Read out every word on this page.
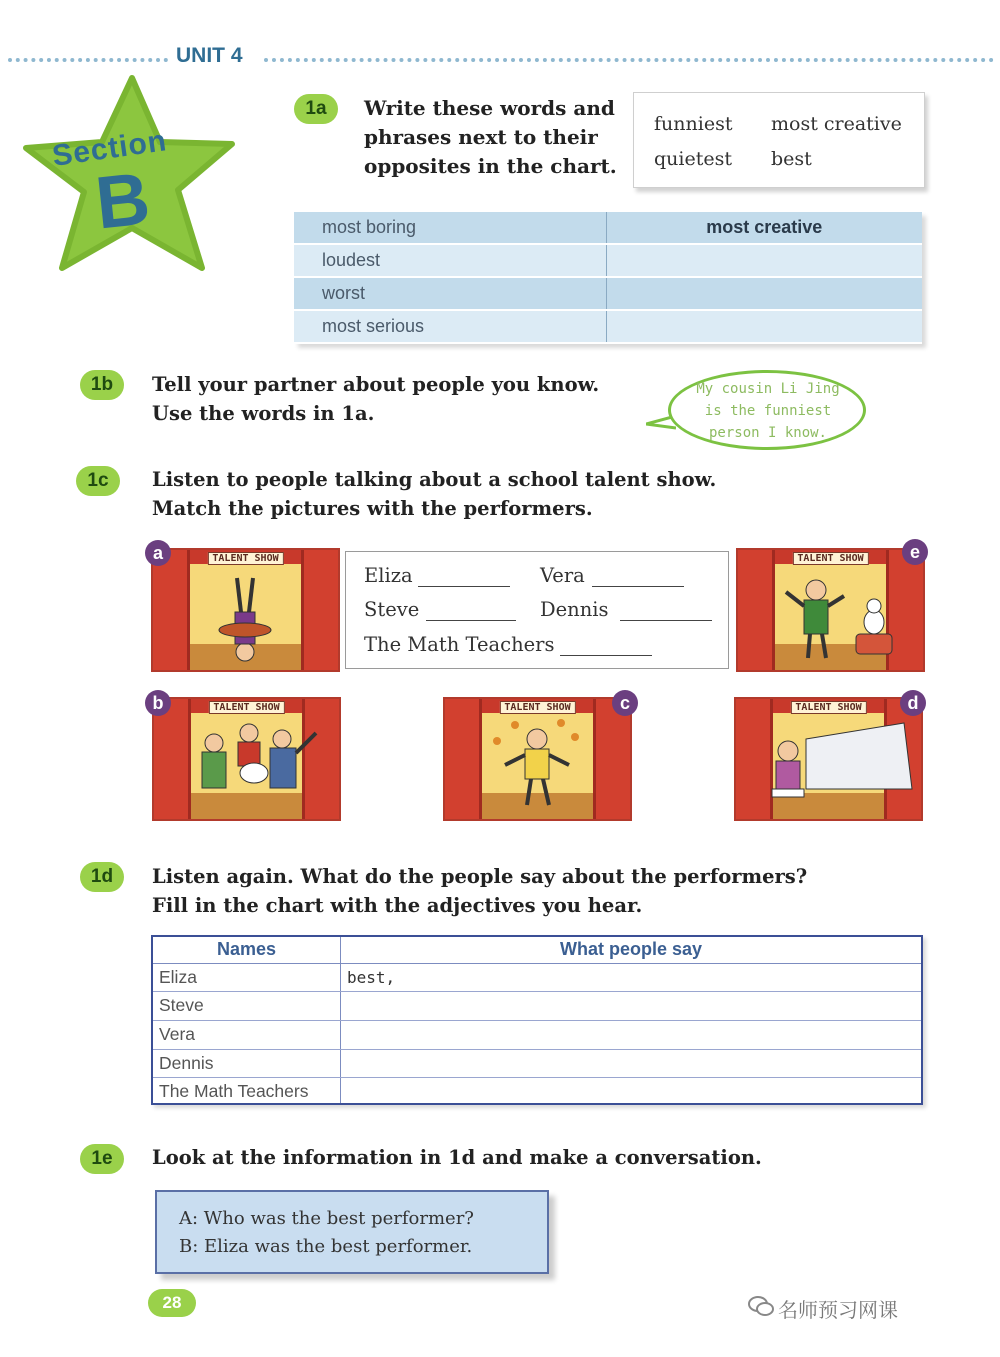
UNIT 4
Section
B
1a	Write these words and
phrases next to their
opposites in the chart.
funniest most creative
quietest best
most boring	most creative
loudest	
worst	
most serious	
1b	Tell your partner about people you know.
Use the words in 1a.
My cousin Li Jing
is the funniest
person I know.
1c	Listen to people talking about a school talent show.
Match the pictures with the performers.
TALENT SHOW
a
Eliza	Vera
Steve	Dennis
The Math Teachers
TALENT SHOW	e
TALENT SHOW
b	TALENT SHOW	c	TALENT SHOW	d
1d	Listen again. What do the people say about the performers?
Fill in the chart with the adjectives you hear.
Names	What people say
Eliza	best,
Steve
Vera
Dennis
The Math Teachers
1e	Look at the information in 1d and make a conversation.
A: Who was the best performer?
B: Eliza was the best performer.
28	名师预习网课
